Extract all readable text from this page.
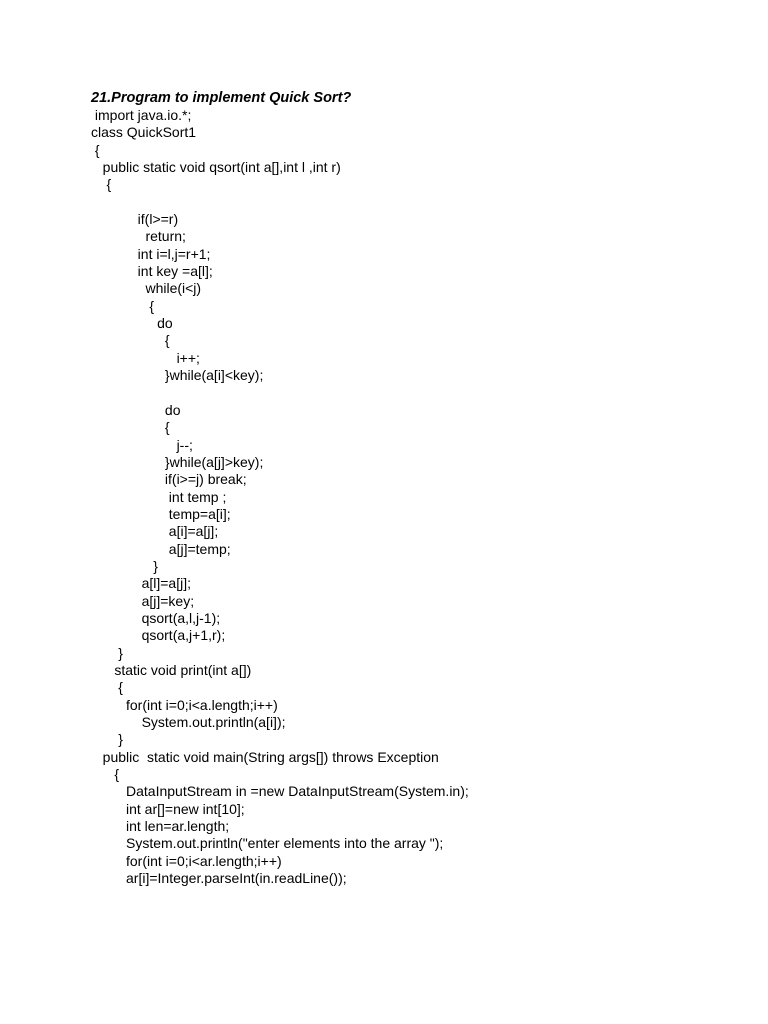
21.Program to implement Quick Sort?
import java.io.*;
class QuickSort1
{
public static void qsort(int a[],int l ,int r)
{
if(l>=r)
return;
int i=l,j=r+1;
int key =a[l];
while(i<j)
{
do
{
i++;
}while(a[i]<key);
do
{
j--;
}while(a[j]>key);
if(i>=j) break;
int temp ;
temp=a[i];
a[i]=a[j];
a[j]=temp;
}
a[l]=a[j];
a[j]=key;
qsort(a,l,j-1);
qsort(a,j+1,r);
}
static void print(int a[])
{
for(int i=0;i<a.length;i++)
System.out.println(a[i]);
}
public  static void main(String args[]) throws Exception
{
DataInputStream in =new DataInputStream(System.in);
int ar[]=new int[10];
int len=ar.length;
System.out.println("enter elements into the array ");
for(int i=0;i<ar.length;i++)
ar[i]=Integer.parseInt(in.readLine());
